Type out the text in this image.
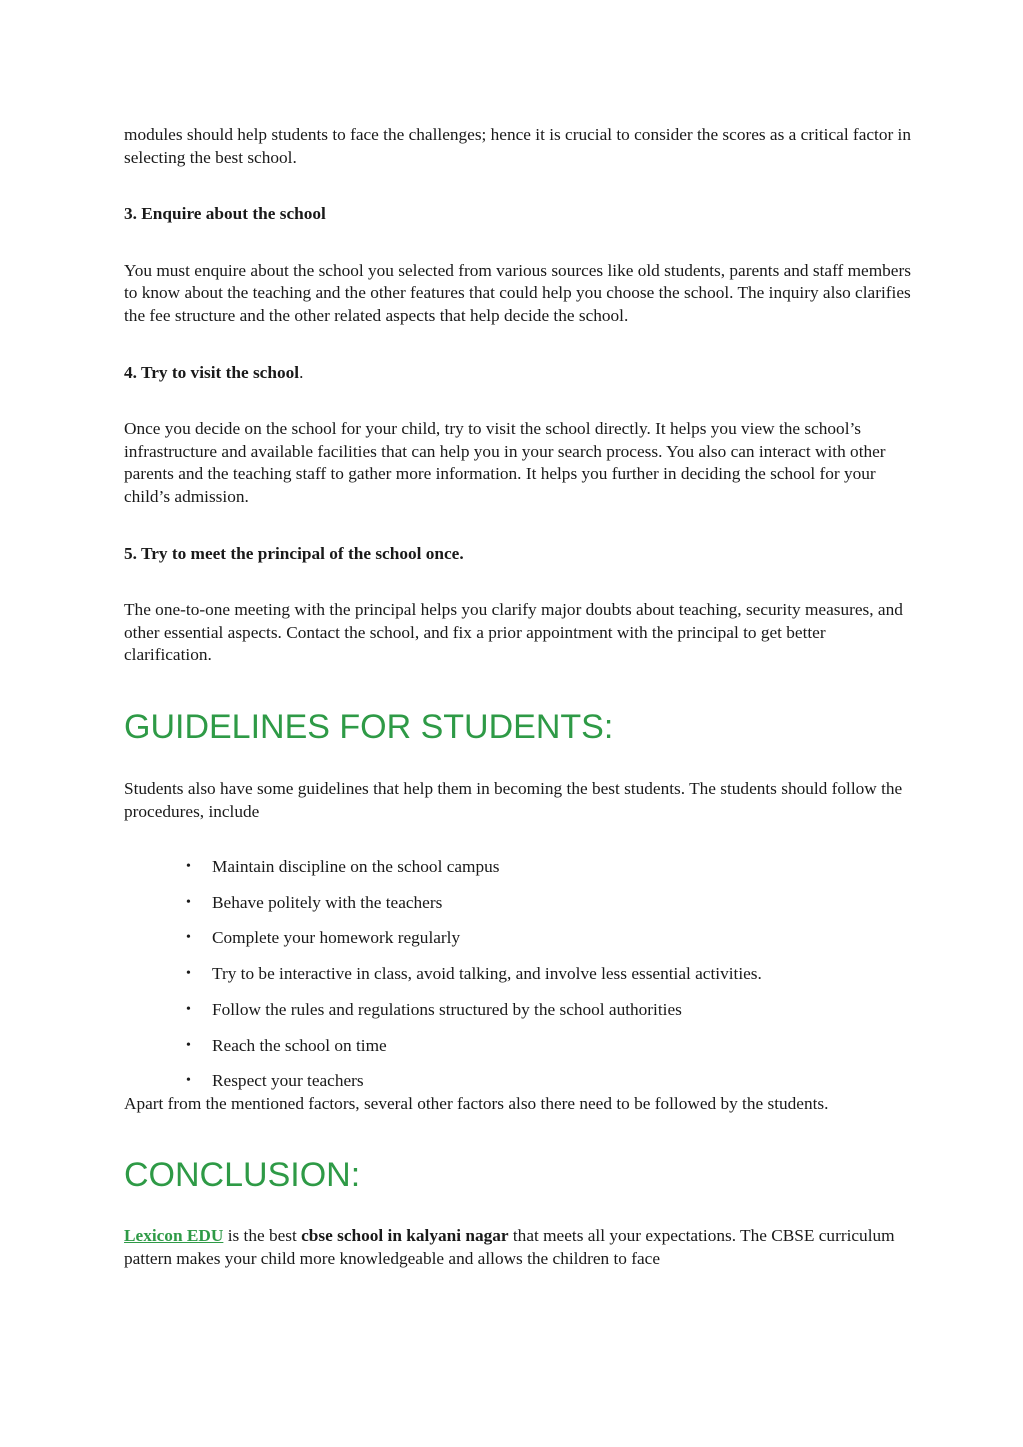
modules should help students to face the challenges; hence it is crucial to consider the scores as a critical factor in selecting the best school.

3. Enquire about the school

You must enquire about the school you selected from various sources like old students, parents and staff members to know about the teaching and the other features that could help you choose the school. The inquiry also clarifies the fee structure and the other related aspects that help decide the school.

4. Try to visit the school.

Once you decide on the school for your child, try to visit the school directly. It helps you view the school’s infrastructure and available facilities that can help you in your search process. You also can interact with other parents and the teaching staff to gather more information. It helps you further in deciding the school for your child’s admission.

5. Try to meet the principal of the school once.

The one-to-one meeting with the principal helps you clarify major doubts about teaching, security measures, and other essential aspects. Contact the school, and fix a prior appointment with the principal to get better clarification.

GUIDELINES FOR STUDENTS:

Students also have some guidelines that help them in becoming the best students. The students should follow the procedures, include

• Maintain discipline on the school campus
• Behave politely with the teachers
• Complete your homework regularly
• Try to be interactive in class, avoid talking, and involve less essential activities.
• Follow the rules and regulations structured by the school authorities
• Reach the school on time
• Respect your teachers

Apart from the mentioned factors, several other factors also there need to be followed by the students.

CONCLUSION:

Lexicon EDU is the best cbse school in kalyani nagar that meets all your expectations. The CBSE curriculum pattern makes your child more knowledgeable and allows the children to face
